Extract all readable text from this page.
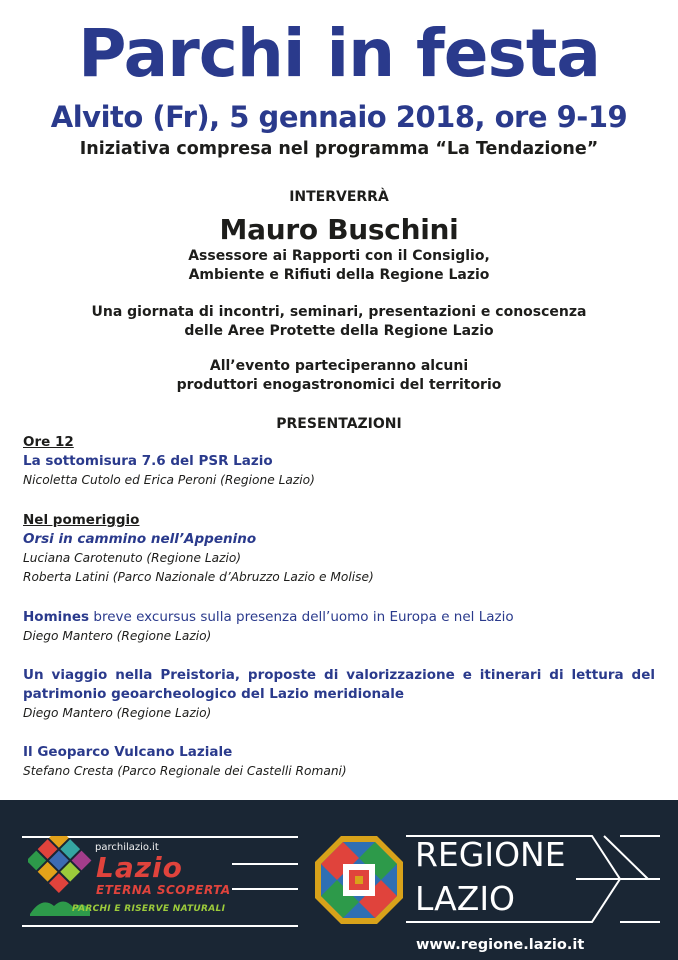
Parchi in festa
Alvito (Fr), 5 gennaio 2018, ore 9-19
Iniziativa compresa nel programma “La Tendazione”
INTERVERRÀ
Mauro Buschini
Assessore ai Rapporti con il Consiglio,
Ambiente e Rifiuti della Regione Lazio
Una giornata di incontri, seminari, presentazioni e conoscenza
delle Aree Protette della Regione Lazio
All’evento parteciperanno alcuni
produttori enogastronomici del territorio
PRESENTAZIONI
Ore 12
La sottomisura 7.6 del PSR Lazio
Nicoletta Cutolo ed Erica Peroni (Regione Lazio)
Nel pomeriggio
Orsi in cammino nell’Appenino
Luciana Carotenuto (Regione Lazio)
Roberta Latini (Parco Nazionale d’Abruzzo Lazio e Molise)
Homines breve excursus sulla presenza dell’uomo in Europa e nel Lazio
Diego Mantero (Regione Lazio)
Un viaggio nella Preistoria, proposte di valorizzazione e itinerari di lettura del
patrimonio geoarcheologico del Lazio meridionale
Diego Mantero (Regione Lazio)
Il Geoparco Vulcano Laziale
Stefano Cresta (Parco Regionale dei Castelli Romani)
parchilazio.it
Lazio
ETERNA SCOPERTA
PARCHI E RISERVE NATURALI
REGIONE
LAZIO
www.regione.lazio.it
